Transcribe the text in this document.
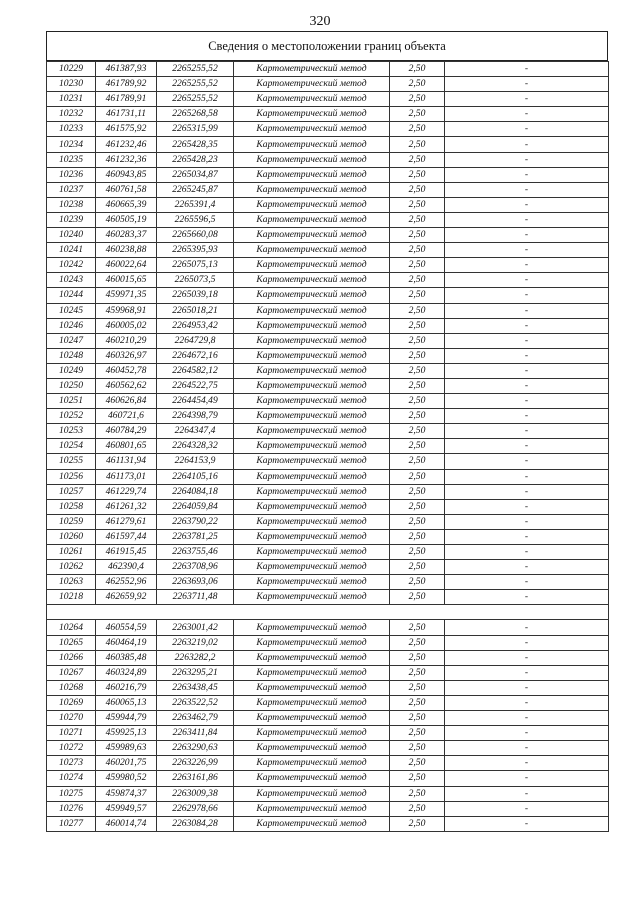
320
Сведения о местоположении границ объекта
10229	461387,93	2265255,52	Картометрический метод	2,50	-
10230	461789,92	2265255,52	Картометрический метод	2,50	-
10231	461789,91	2265255,52	Картометрический метод	2,50	-
10232	461731,11	2265268,58	Картометрический метод	2,50	-
10233	461575,92	2265315,99	Картометрический метод	2,50	-
10234	461232,46	2265428,35	Картометрический метод	2,50	-
10235	461232,36	2265428,23	Картометрический метод	2,50	-
10236	460943,85	2265034,87	Картометрический метод	2,50	-
10237	460761,58	2265245,87	Картометрический метод	2,50	-
10238	460665,39	2265391,4	Картометрический метод	2,50	-
10239	460505,19	2265596,5	Картометрический метод	2,50	-
10240	460283,37	2265660,08	Картометрический метод	2,50	-
10241	460238,88	2265395,93	Картометрический метод	2,50	-
10242	460022,64	2265075,13	Картометрический метод	2,50	-
10243	460015,65	2265073,5	Картометрический метод	2,50	-
10244	459971,35	2265039,18	Картометрический метод	2,50	-
10245	459968,91	2265018,21	Картометрический метод	2,50	-
10246	460005,02	2264953,42	Картометрический метод	2,50	-
10247	460210,29	2264729,8	Картометрический метод	2,50	-
10248	460326,97	2264672,16	Картометрический метод	2,50	-
10249	460452,78	2264582,12	Картометрический метод	2,50	-
10250	460562,62	2264522,75	Картометрический метод	2,50	-
10251	460626,84	2264454,49	Картометрический метод	2,50	-
10252	460721,6	2264398,79	Картометрический метод	2,50	-
10253	460784,29	2264347,4	Картометрический метод	2,50	-
10254	460801,65	2264328,32	Картометрический метод	2,50	-
10255	461131,94	2264153,9	Картометрический метод	2,50	-
10256	461173,01	2264105,16	Картометрический метод	2,50	-
10257	461229,74	2264084,18	Картометрический метод	2,50	-
10258	461261,32	2264059,84	Картометрический метод	2,50	-
10259	461279,61	2263790,22	Картометрический метод	2,50	-
10260	461597,44	2263781,25	Картометрический метод	2,50	-
10261	461915,45	2263755,46	Картометрический метод	2,50	-
10262	462390,4	2263708,96	Картометрический метод	2,50	-
10263	462552,96	2263693,06	Картометрический метод	2,50	-
10218	462659,92	2263711,48	Картометрический метод	2,50	-

10264	460554,59	2263001,42	Картометрический метод	2,50	-
10265	460464,19	2263219,02	Картометрический метод	2,50	-
10266	460385,48	2263282,2	Картометрический метод	2,50	-
10267	460324,89	2263295,21	Картометрический метод	2,50	-
10268	460216,79	2263438,45	Картометрический метод	2,50	-
10269	460065,13	2263522,52	Картометрический метод	2,50	-
10270	459944,79	2263462,79	Картометрический метод	2,50	-
10271	459925,13	2263411,84	Картометрический метод	2,50	-
10272	459989,63	2263290,63	Картометрический метод	2,50	-
10273	460201,75	2263226,99	Картометрический метод	2,50	-
10274	459980,52	2263161,86	Картометрический метод	2,50	-
10275	459874,37	2263009,38	Картометрический метод	2,50	-
10276	459949,57	2262978,66	Картометрический метод	2,50	-
10277	460014,74	2263084,28	Картометрический метод	2,50	-
